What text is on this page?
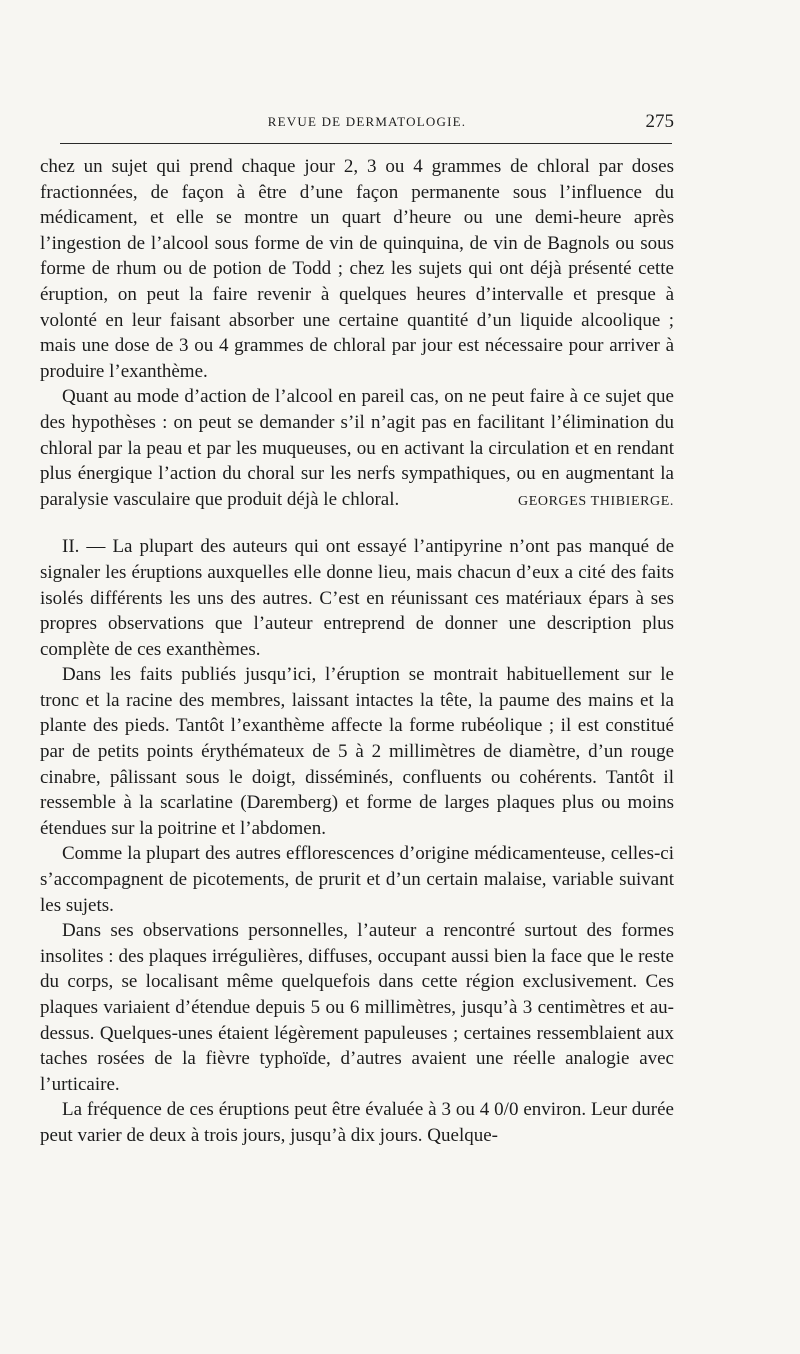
REVUE DE DERMATOLOGIE.	275

chez un sujet qui prend chaque jour 2, 3 ou 4 grammes de chloral par doses fractionnées, de façon à être d’une façon permanente sous l’influence du médicament, et elle se montre un quart d’heure ou une demi-heure après l’ingestion de l’alcool sous forme de vin de quinquina, de vin de Bagnols ou sous forme de rhum ou de potion de Todd ; chez les sujets qui ont déjà présenté cette éruption, on peut la faire revenir à quelques heures d’intervalle et presque à volonté en leur faisant absorber une certaine quantité d’un liquide alcoolique ; mais une dose de 3 ou 4 grammes de chloral par jour est nécessaire pour arriver à produire l’exanthème.

Quant au mode d’action de l’alcool en pareil cas, on ne peut faire à ce sujet que des hypothèses : on peut se demander s’il n’agit pas en facilitant l’élimination du chloral par la peau et par les muqueuses, ou en activant la circulation et en rendant plus énergique l’action du choral sur les nerfs sympathiques, ou en augmentant la paralysie vasculaire que produit déjà le chloral.	GEORGES THIBIERGE.

II. — La plupart des auteurs qui ont essayé l’antipyrine n’ont pas manqué de signaler les éruptions auxquelles elle donne lieu, mais chacun d’eux a cité des faits isolés différents les uns des autres. C’est en réunissant ces matériaux épars à ses propres observations que l’auteur entreprend de donner une description plus complète de ces exanthèmes.

Dans les faits publiés jusqu’ici, l’éruption se montrait habituellement sur le tronc et la racine des membres, laissant intactes la tête, la paume des mains et la plante des pieds. Tantôt l’exanthème affecte la forme rubéolique ; il est constitué par de petits points érythémateux de 5 à 2 millimètres de diamètre, d’un rouge cinabre, pâlissant sous le doigt, disséminés, confluents ou cohérents. Tantôt il ressemble à la scarlatine (Daremberg) et forme de larges plaques plus ou moins étendues sur la poitrine et l’abdomen.

Comme la plupart des autres efflorescences d’origine médicamenteuse, celles-ci s’accompagnent de picotements, de prurit et d’un certain malaise, variable suivant les sujets.

Dans ses observations personnelles, l’auteur a rencontré surtout des formes insolites : des plaques irrégulières, diffuses, occupant aussi bien la face que le reste du corps, se localisant même quelquefois dans cette région exclusivement. Ces plaques variaient d’étendue depuis 5 ou 6 millimètres, jusqu’à 3 centimètres et au-dessus. Quelques-unes étaient légèrement papuleuses ; certaines ressemblaient aux taches rosées de la fièvre typhoïde, d’autres avaient une réelle analogie avec l’urticaire.

La fréquence de ces éruptions peut être évaluée à 3 ou 4 0/0 environ. Leur durée peut varier de deux à trois jours, jusqu’à dix jours. Quelque-
